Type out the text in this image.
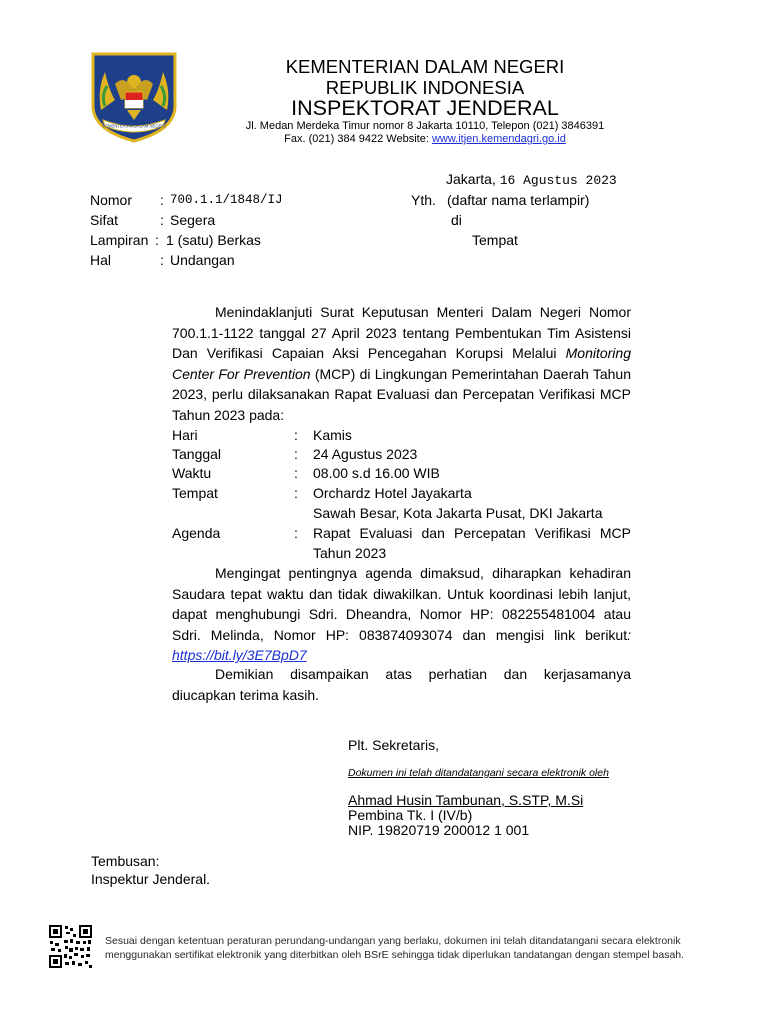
KEMENTERIAN DALAM NEGERI
KEMENTERIAN DALAM NEGERI
REPUBLIK INDONESIA
INSPEKTORAT JENDERAL
Jl. Medan Merdeka Timur nomor 8 Jakarta 10110, Telepon (021) 3846391
Fax. (021) 384 9422 Website: www.itjen.kemendagri.go.id
Jakarta, 16 Agustus 2023
Nomor : 700.1.1/1848/IJ
Sifat	: Segera
Lampiran : 1 (satu) Berkas
Hal	: Undangan
Yth. (daftar nama terlampir)
di
Tempat
Menindaklanjuti Surat Keputusan Menteri Dalam Negeri Nomor 700.1.1-1122 tanggal 27 April 2023 tentang Pembentukan Tim Asistensi Dan Verifikasi Capaian Aksi Pencegahan Korupsi Melalui Monitoring Center For Prevention (MCP) di Lingkungan Pemerintahan Daerah Tahun 2023, perlu dilaksanakan Rapat Evaluasi dan Percepatan Verifikasi MCP Tahun 2023 pada:
Hari	: Kamis
Tanggal	: 24 Agustus 2023
Waktu	: 08.00 s.d 16.00 WIB
Tempat	: Orchardz Hotel Jayakarta
Sawah Besar, Kota Jakarta Pusat, DKI Jakarta
Agenda	: Rapat Evaluasi dan Percepatan Verifikasi MCP
Tahun 2023
Mengingat pentingnya agenda dimaksud, diharapkan kehadiran Saudara tepat waktu dan tidak diwakilkan. Untuk koordinasi lebih lanjut, dapat menghubungi Sdri. Dheandra, Nomor HP: 082255481004 atau Sdri. Melinda, Nomor HP: 083874093074 dan mengisi link berikut: https://bit.ly/3E7BpD7
Demikian disampaikan atas perhatian dan kerjasamanya diucapkan terima kasih.
Plt. Sekretaris,
Dokumen ini telah ditandatangani secara elektronik oleh
Ahmad Husin Tambunan, S.STP, M.Si
Pembina Tk. I (IV/b)
NIP. 19820719 200012 1 001
Tembusan:
Inspektur Jenderal.
Sesuai dengan ketentuan peraturan perundang-undangan yang berlaku, dokumen ini telah ditandatangani secara elektronik
menggunakan sertifikat elektronik yang diterbitkan oleh BSrE sehingga tidak diperlukan tandatangan dengan stempel basah.
